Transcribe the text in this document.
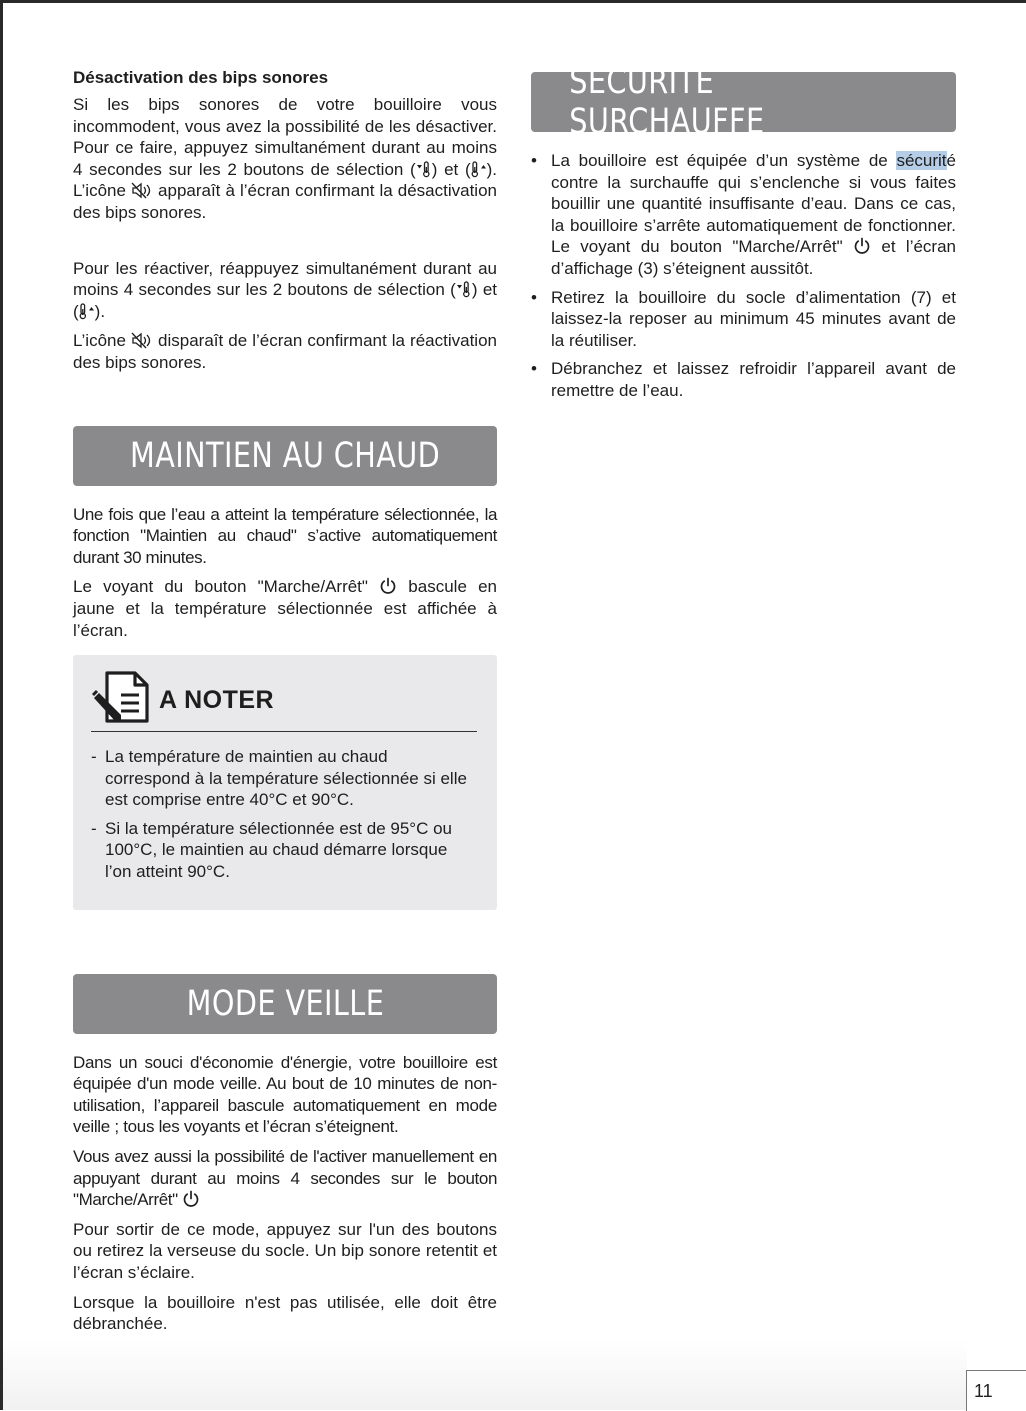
Désactivation des bips sonores

Si les bips sonores de votre bouilloire vous incommodent, vous avez la possibilité de les désactiver. Pour ce faire, appuyez simultanément durant au moins 4 secondes sur les 2 boutons de sélection ( ) et ( ). L’icône  apparaît à l’écran confirmant la désactivation des bips sonores.

Pour les réactiver, réappuyez simultanément durant au moins 4 secondes sur les 2 boutons de sélection ( ) et ( ).

L’icône  disparaît de l’écran confirmant la réactivation des bips sonores.

MAINTIEN AU CHAUD

Une fois que l’eau a atteint la température sélectionnée, la fonction "Maintien au chaud" s’active automatiquement durant 30 minutes.

Le voyant du bouton "Marche/Arrêt"  bascule en jaune et la température sélectionnée est affichée à l’écran.

A NOTER
- La température de maintien au chaud correspond à la température sélectionnée si elle est comprise entre 40°C et 90°C.
- Si la température sélectionnée est de 95°C ou 100°C, le maintien au chaud démarre lorsque l’on atteint 90°C.
MODE VEILLE

Dans un souci d'économie d'énergie, votre bouilloire est équipée d'un mode veille. Au bout de 10 minutes de non-utilisation, l’appareil bascule automatiquement en mode veille ; tous les voyants et l’écran s’éteignent.

Vous avez aussi la possibilité de l'activer manuellement en appuyant durant au moins 4 secondes sur le bouton "Marche/Arrêt"

Pour sortir de ce mode, appuyez sur l'un des boutons ou retirez la verseuse du socle. Un bip sonore retentit et l’écran s’éclaire.

Lorsque la bouilloire n'est pas utilisée, elle doit être débranchée.

SÉCURITÉ SURCHAUFFE
• La bouilloire est équipée d’un système de sécurité contre la surchauffe qui s’enclenche si vous faites bouillir une quantité insuffisante d’eau. Dans ce cas, la bouilloire s’arrête automatiquement de fonctionner. Le voyant du bouton "Marche/Arrêt"  et l’écran d’affichage (3) s’éteignent aussitôt.
• Retirez la bouilloire du socle d’alimentation (7) et laissez-la reposer au minimum 45 minutes avant de la réutiliser.
• Débranchez et laissez refroidir l’appareil avant de remettre de l’eau.
11
